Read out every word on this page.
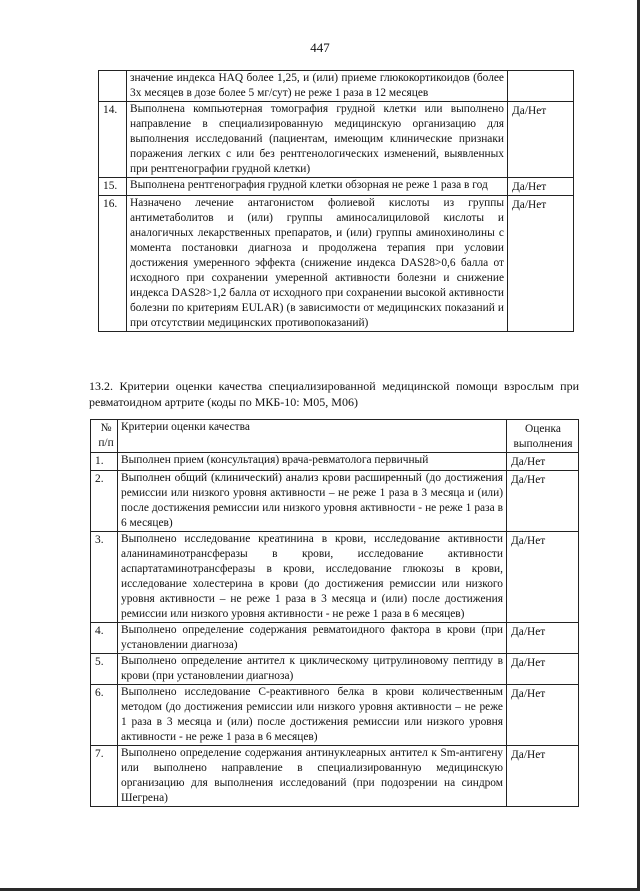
447
	значение индекса HAQ более 1,25, и (или) приеме глюкокортикоидов (более 3х месяцев в дозе более 5 мг/сут) не реже 1 раза в 12 месяцев	
14.	Выполнена компьютерная томография грудной клетки или выполнено направление в специализированную медицинскую организацию для выполнения исследований (пациентам, имеющим клинические признаки поражения легких с или без рентгенологических изменений, выявленных при рентгенографии грудной клетки)	Да/Нет
15.	Выполнена рентгенография грудной клетки обзорная не реже 1 раза в год	Да/Нет
16.	Назначено лечение антагонистом фолиевой кислоты из группы антиметаболитов и (или) группы аминосалициловой кислоты и аналогичных лекарственных препаратов, и (или) группы аминохинолины с момента постановки диагноза и продолжена терапия при условии достижения умеренного эффекта (снижение индекса DAS28>0,6 балла от исходного при сохранении умеренной активности болезни и снижение индекса DAS28>1,2 балла от исходного при сохранении высокой активности болезни по критериям EULAR) (в зависимости от медицинских показаний и при отсутствии медицинских противопоказаний)	Да/Нет
13.2. Критерии оценки качества специализированной медицинской помощи взрослым при ревматоидном артрите (коды по МКБ-10: М05, М06)
№ п/п	Критерии оценки качества	Оценка выполнения
1.	Выполнен прием (консультация) врача-ревматолога первичный	Да/Нет
2.	Выполнен общий (клинический) анализ крови расширенный (до достижения ремиссии или низкого уровня активности – не реже 1 раза в 3 месяца и (или) после достижения ремиссии или низкого уровня активности - не реже 1 раза в 6 месяцев)	Да/Нет
3.	Выполнено исследование креатинина в крови, исследование активности аланинаминотрансферазы в крови, исследование активности аспартатаминотрансферазы в крови, исследование глюкозы в крови, исследование холестерина в крови (до достижения ремиссии или низкого уровня активности – не реже 1 раза в 3 месяца и (или) после достижения ремиссии или низкого уровня активности - не реже 1 раза в 6 месяцев)	Да/Нет
4.	Выполнено определение содержания ревматоидного фактора в крови (при установлении диагноза)	Да/Нет
5.	Выполнено определение антител к циклическому цитрулиновому пептиду в крови (при установлении диагноза)	Да/Нет
6.	Выполнено исследование С-реактивного белка в крови количественным методом (до достижения ремиссии или низкого уровня активности – не реже 1 раза в 3 месяца и (или) после достижения ремиссии или низкого уровня активности - не реже 1 раза в 6 месяцев)	Да/Нет
7.	Выполнено определение содержания антинуклеарных антител к Sm-антигену или выполнено направление в специализированную медицинскую организацию для выполнения исследований (при подозрении на синдром Шегрена)	Да/Нет
